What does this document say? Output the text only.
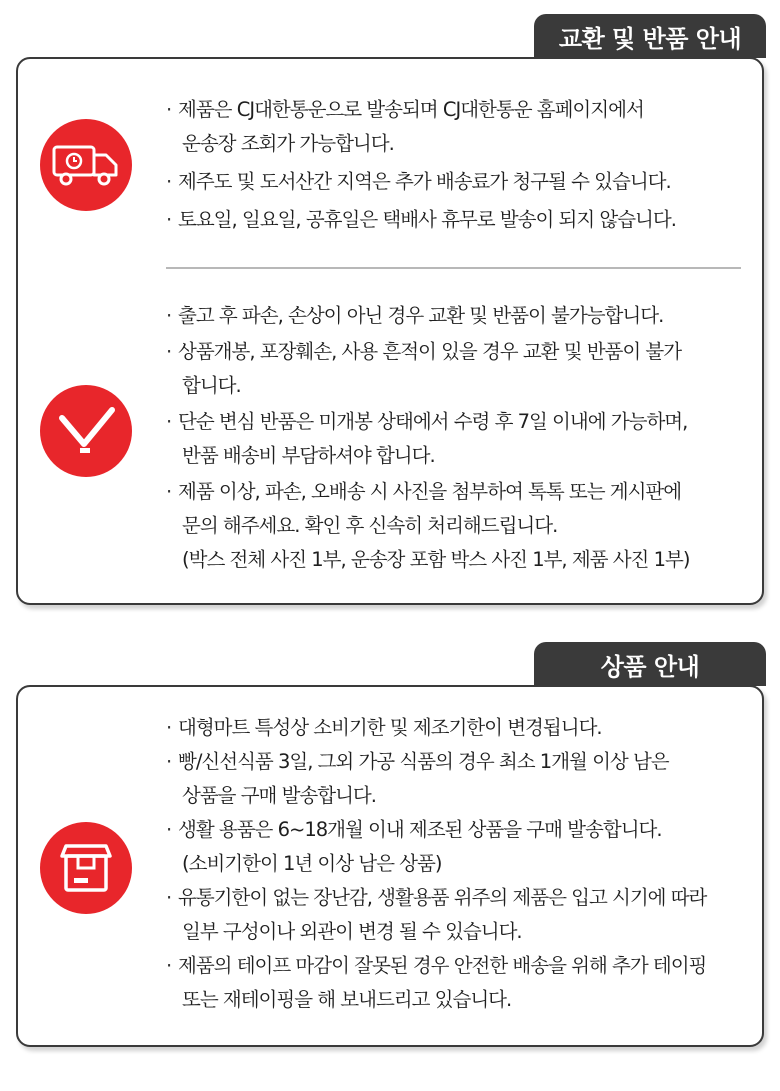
교환 및 반품 안내
· 제품은 CJ대한통운으로 발송되며 CJ대한통운 홈페이지에서
운송장 조회가 가능합니다.
· 제주도 및 도서산간 지역은 추가 배송료가 청구될 수 있습니다.
· 토요일, 일요일, 공휴일은 택배사 휴무로 발송이 되지 않습니다.
· 출고 후 파손, 손상이 아닌 경우 교환 및 반품이 불가능합니다.
· 상품개봉, 포장훼손, 사용 흔적이 있을 경우 교환 및 반품이 불가
합니다.
· 단순 변심 반품은 미개봉 상태에서 수령 후 7일 이내에 가능하며,
반품 배송비 부담하셔야 합니다.
· 제품 이상, 파손, 오배송 시 사진을 첨부하여 톡톡 또는 게시판에
문의 해주세요. 확인 후 신속히 처리해드립니다.
(박스 전체 사진 1부, 운송장 포함 박스 사진 1부, 제품 사진 1부)
상품 안내
· 대형마트 특성상 소비기한 및 제조기한이 변경됩니다.
· 빵/신선식품 3일, 그외 가공 식품의 경우 최소 1개월 이상 남은
상품을 구매 발송합니다.
· 생활 용품은 6~18개월 이내 제조된 상품을 구매 발송합니다.
(소비기한이 1년 이상 남은 상품)
· 유통기한이 없는 장난감, 생활용품 위주의 제품은 입고 시기에 따라
일부 구성이나 외관이 변경 될 수 있습니다.
· 제품의 테이프 마감이 잘못된 경우 안전한 배송을 위해 추가 테이핑
또는 재테이핑을 해 보내드리고 있습니다.
